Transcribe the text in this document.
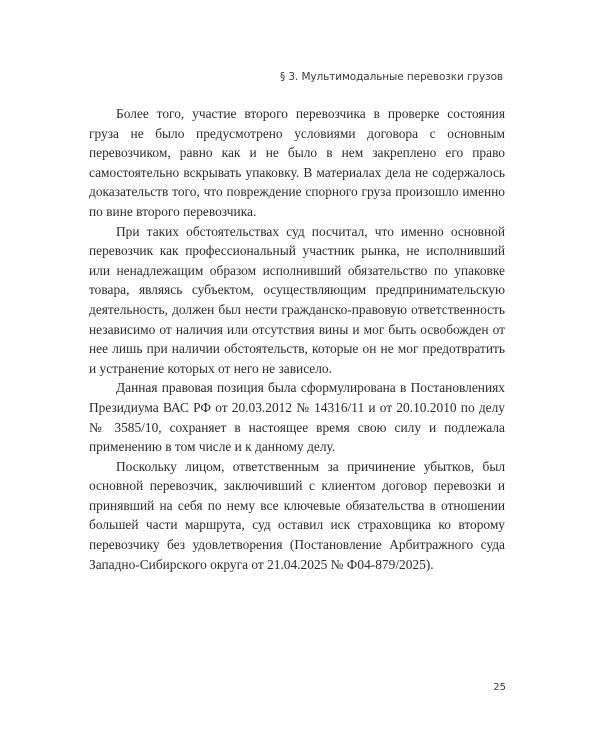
§ 3. Мультимодальные перевозки грузов

Более того, участие второго перевозчика в проверке состояния груза не было предусмотрено условиями договора с основным перевозчиком, равно как и не было в нем закреплено его право самостоятельно вскрывать упаковку. В материалах дела не содержалось доказательств того, что повреждение спорного груза произошло именно по вине второго перевозчика.

При таких обстоятельствах суд посчитал, что именно основной перевозчик как профессиональный участник рынка, не исполнивший или ненадлежащим образом исполнивший обязательство по упаковке товара, являясь субъектом, осуществляющим предпринимательскую деятельность, должен был нести гражданско-правовую ответственность независимо от наличия или отсутствия вины и мог быть освобожден от нее лишь при наличии обстоятельств, которые он не мог предотвратить и устранение которых от него не зависело.

Данная правовая позиция была сформулирована в Постановлениях Президиума ВАС РФ от 20.03.2012 № 14316/11 и от 20.10.2010 по делу № 3585/10, сохраняет в настоящее время свою силу и подлежала применению в том числе и к данному делу.

Поскольку лицом, ответственным за причинение убытков, был основной перевозчик, заключивший с клиентом договор перевозки и принявший на себя по нему все ключевые обязательства в отношении большей части маршрута, суд оставил иск страховщика ко второму перевозчику без удовлетворения (Постановление Арбитражного суда Западно-Сибирского округа от 21.04.2025 № Ф04-879/2025).

25
